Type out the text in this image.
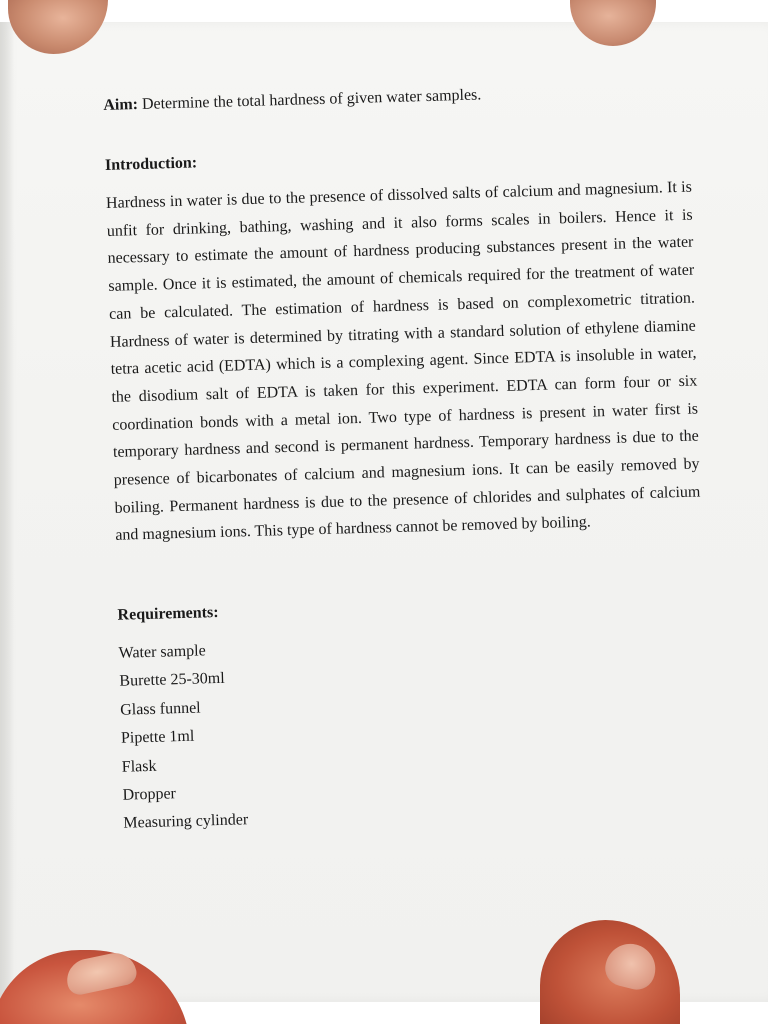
Aim: Determine the total hardness of given water samples.
Introduction:

Hardness in water is due to the presence of dissolved salts of calcium and magnesium. It is unfit for drinking, bathing, washing and it also forms scales in boilers. Hence it is necessary to estimate the amount of hardness producing substances present in the water sample. Once it is estimated, the amount of chemicals required for the treatment of water can be calculated. The estimation of hardness is based on complexometric titration. Hardness of water is determined by titrating with a standard solution of ethylene diamine tetra acetic acid (EDTA) which is a complexing agent. Since EDTA is insoluble in water, the disodium salt of EDTA is taken for this experiment. EDTA can form four or six coordination bonds with a metal ion. Two type of hardness is present in water first is temporary hardness and second is permanent hardness. Temporary hardness is due to the presence of bicarbonates of calcium and magnesium ions. It can be easily removed by boiling. Permanent hardness is due to the presence of chlorides and sulphates of calcium and magnesium ions. This type of hardness cannot be removed by boiling.

Requirements:
Water sample
Burette 25-30ml
Glass funnel
Pipette 1ml
Flask
Dropper
Measuring cylinder
